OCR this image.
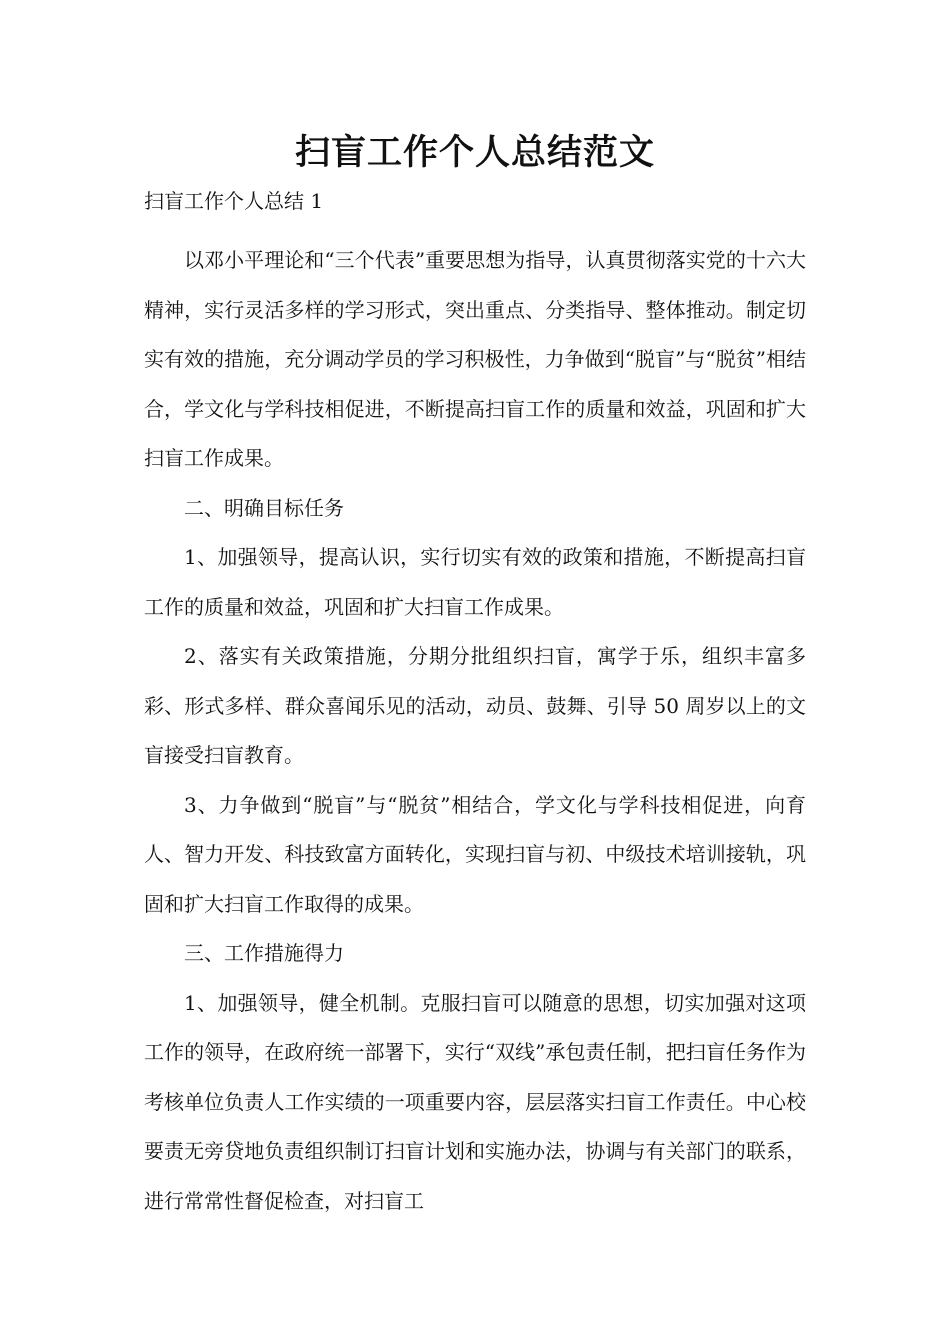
扫盲工作个人总结范文
扫盲工作个人总结 1

以邓小平理论和“三个代表”重要思想为指导，认真贯彻落实党的十六大精神，实行灵活多样的学习形式，突出重点、分类指导、整体推动。制定切实有效的措施，充分调动学员的学习积极性，力争做到“脱盲”与“脱贫”相结合，学文化与学科技相促进，不断提高扫盲工作的质量和效益，巩固和扩大扫盲工作成果。

二、明确目标任务

1、加强领导，提高认识，实行切实有效的政策和措施，不断提高扫盲工作的质量和效益，巩固和扩大扫盲工作成果。

2、落实有关政策措施，分期分批组织扫盲，寓学于乐，组织丰富多彩、形式多样、群众喜闻乐见的活动，动员、鼓舞、引导 50 周岁以上的文盲接受扫盲教育。

3、力争做到“脱盲”与“脱贫”相结合，学文化与学科技相促进，向育人、智力开发、科技致富方面转化，实现扫盲与初、中级技术培训接轨，巩固和扩大扫盲工作取得的成果。

三、工作措施得力

1、加强领导，健全机制。克服扫盲可以随意的思想，切实加强对这项工作的领导，在政府统一部署下，实行“双线”承包责任制，把扫盲任务作为考核单位负责人工作实绩的一项重要内容，层层落实扫盲工作责任。中心校要责无旁贷地负责组织制订扫盲计划和实施办法，协调与有关部门的联系，进行常常性督促检查，对扫盲工
